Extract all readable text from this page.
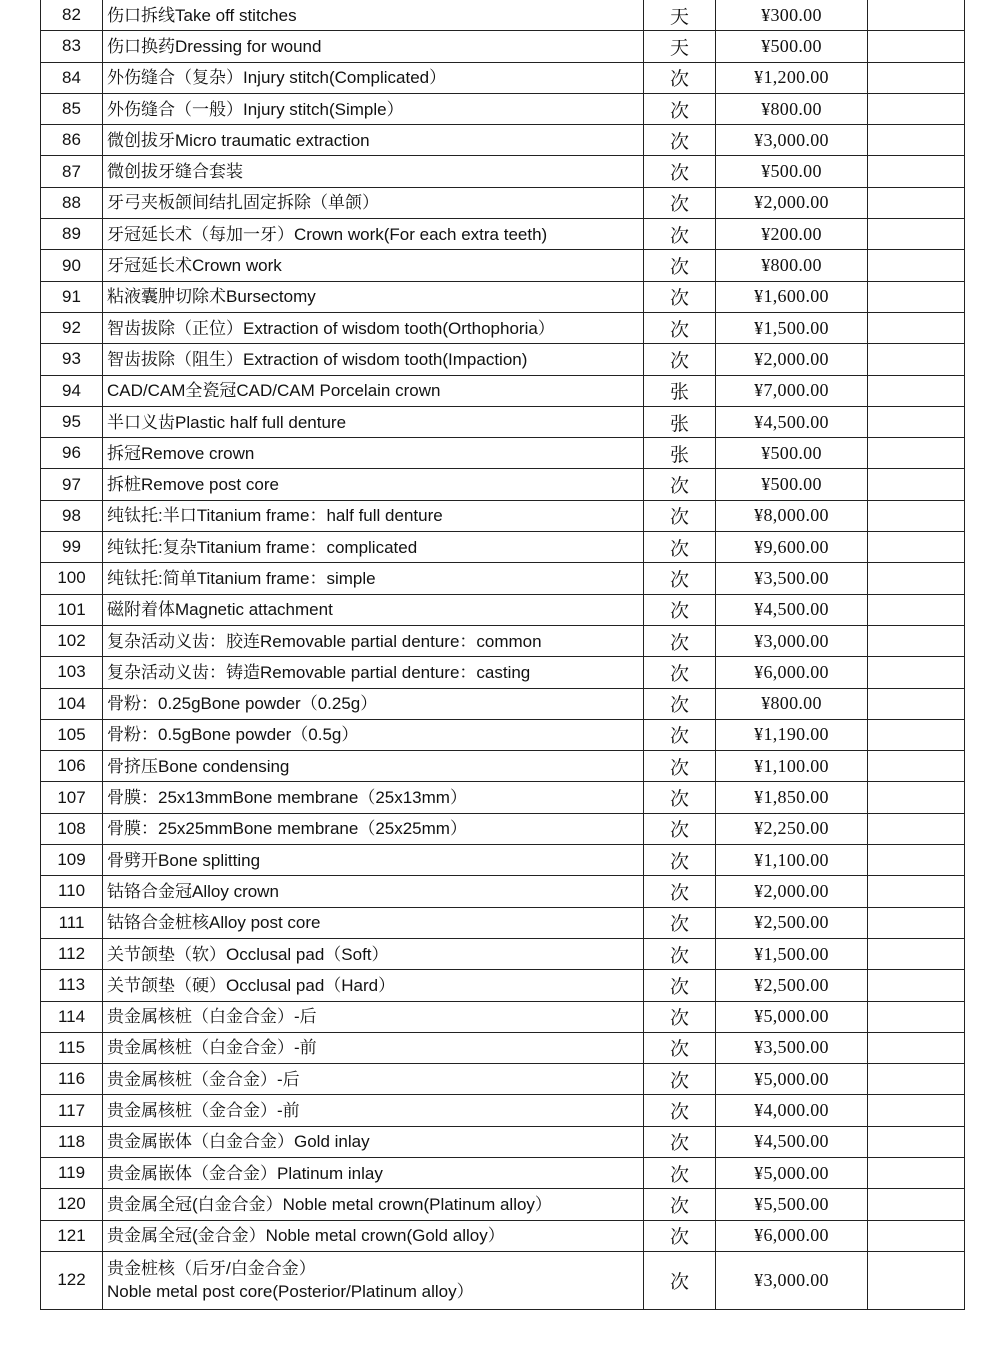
82	伤口拆线Take off stitches	天	¥300.00	
83	伤口换药Dressing for wound	天	¥500.00	
84	外伤缝合（复杂）Injury stitch(Complicated）	次	¥1,200.00	
85	外伤缝合（一般）Injury stitch(Simple）	次	¥800.00	
86	微创拔牙Micro traumatic extraction	次	¥3,000.00	
87	微创拔牙缝合套装	次	¥500.00	
88	牙弓夹板颌间结扎固定拆除（单颌）	次	¥2,000.00	
89	牙冠延长术（每加一牙）Crown work(For each extra teeth)	次	¥200.00	
90	牙冠延长术Crown work	次	¥800.00	
91	粘液囊肿切除术Bursectomy	次	¥1,600.00	
92	智齿拔除（正位）Extraction of wisdom tooth(Orthophoria）	次	¥1,500.00	
93	智齿拔除（阻生）Extraction of wisdom tooth(Impaction)	次	¥2,000.00	
94	CAD/CAM全瓷冠CAD/CAM Porcelain crown	张	¥7,000.00	
95	半口义齿Plastic half full denture	张	¥4,500.00	
96	拆冠Remove crown	张	¥500.00	
97	拆桩Remove post core	次	¥500.00	
98	纯钛托:半口Titanium frame：half full denture	次	¥8,000.00	
99	纯钛托:复杂Titanium frame：complicated	次	¥9,600.00	
100	纯钛托:简单Titanium frame：simple	次	¥3,500.00	
101	磁附着体Magnetic attachment	次	¥4,500.00	
102	复杂活动义齿：胶连Removable partial denture：common	次	¥3,000.00	
103	复杂活动义齿：铸造Removable partial denture：casting	次	¥6,000.00	
104	骨粉：0.25gBone powder（0.25g）	次	¥800.00	
105	骨粉：0.5gBone powder（0.5g）	次	¥1,190.00	
106	骨挤压Bone condensing	次	¥1,100.00	
107	骨膜：25x13mmBone membrane（25x13mm）	次	¥1,850.00	
108	骨膜：25x25mmBone membrane（25x25mm）	次	¥2,250.00	
109	骨劈开Bone splitting	次	¥1,100.00	
110	钴铬合金冠Alloy crown	次	¥2,000.00	
111	钴铬合金桩核Alloy post core	次	¥2,500.00	
112	关节颌垫（软）Occlusal pad（Soft）	次	¥1,500.00	
113	关节颌垫（硬）Occlusal pad（Hard）	次	¥2,500.00	
114	贵金属核桩（白金合金）-后	次	¥5,000.00	
115	贵金属核桩（白金合金）-前	次	¥3,500.00	
116	贵金属核桩（金合金）-后	次	¥5,000.00	
117	贵金属核桩（金合金）-前	次	¥4,000.00	
118	贵金属嵌体（白金合金）Gold inlay	次	¥4,500.00	
119	贵金属嵌体（金合金）Platinum inlay	次	¥5,000.00	
120	贵金属全冠(白金合金）Noble metal crown(Platinum alloy）	次	¥5,500.00	
121	贵金属全冠(金合金）Noble metal crown(Gold alloy）	次	¥6,000.00	
122	贵金桩核（后牙/白金合金）
Noble metal post core(Posterior/Platinum alloy）	次	¥3,000.00	
